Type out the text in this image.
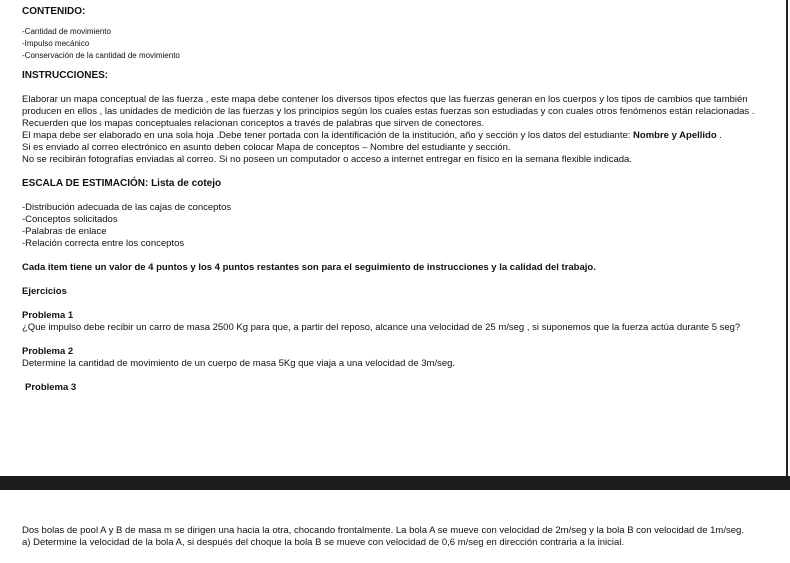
CONTENIDO:

-Cantidad de movimiento

-Impulso mecánico

-Conservación de la cantidad de movimiento

INSTRUCCIONES:

Elaborar un mapa conceptual de las fuerza , este mapa debe contener los diversos tipos efectos que las fuerzas generan en los cuerpos y los tipos de cambios que también producen en ellos , las unidades de medición de las fuerzas y los principios según los cuales estas fuerzas son estudiadas y con cuales otros fenómenos están relacionadas .

Recuerden que los mapas conceptuales relacionan conceptos a través de palabras que sirven de conectores.

El mapa debe ser elaborado en una sola hoja .Debe tener portada con la identificación de la institución, año y sección y los datos del estudiante: Nombre y Apellido .

Si es enviado al correo electrónico en asunto deben colocar Mapa de conceptos – Nombre del estudiante y sección.

No se recibirán fotografías enviadas al correo. Si no poseen un computador o acceso a internet entregar en físico en la semana flexible indicada.

ESCALA DE ESTIMACIÓN: Lista de cotejo

-Distribución adecuada de las cajas de conceptos

-Conceptos solicitados

-Palabras de enlace

-Relación correcta entre los conceptos

Cada item tiene un valor de 4 puntos y los 4 puntos restantes son para el seguimiento de instrucciones y la calidad del trabajo.

Ejercicios

Problema 1

¿Que impulso debe recibir un carro de masa 2500 Kg para que, a partir del reposo, alcance una velocidad de 25 m/seg , si suponemos que la fuerza actúa durante 5 seg?

Problema 2

Determine la cantidad de movimiento de un cuerpo de masa 5Kg que viaja a una velocidad de 3m/seg.

Problema 3

Dos bolas de pool A y B de masa m se dirigen una hacia la otra, chocando frontalmente. La bola A se mueve con velocidad de 2m/seg y la bola B con velocidad de 1m/seg.

a) Determine la velocidad de la bola A, si después del choque la bola B se mueve con velocidad de 0,6 m/seg en dirección contraria a la inicial.
